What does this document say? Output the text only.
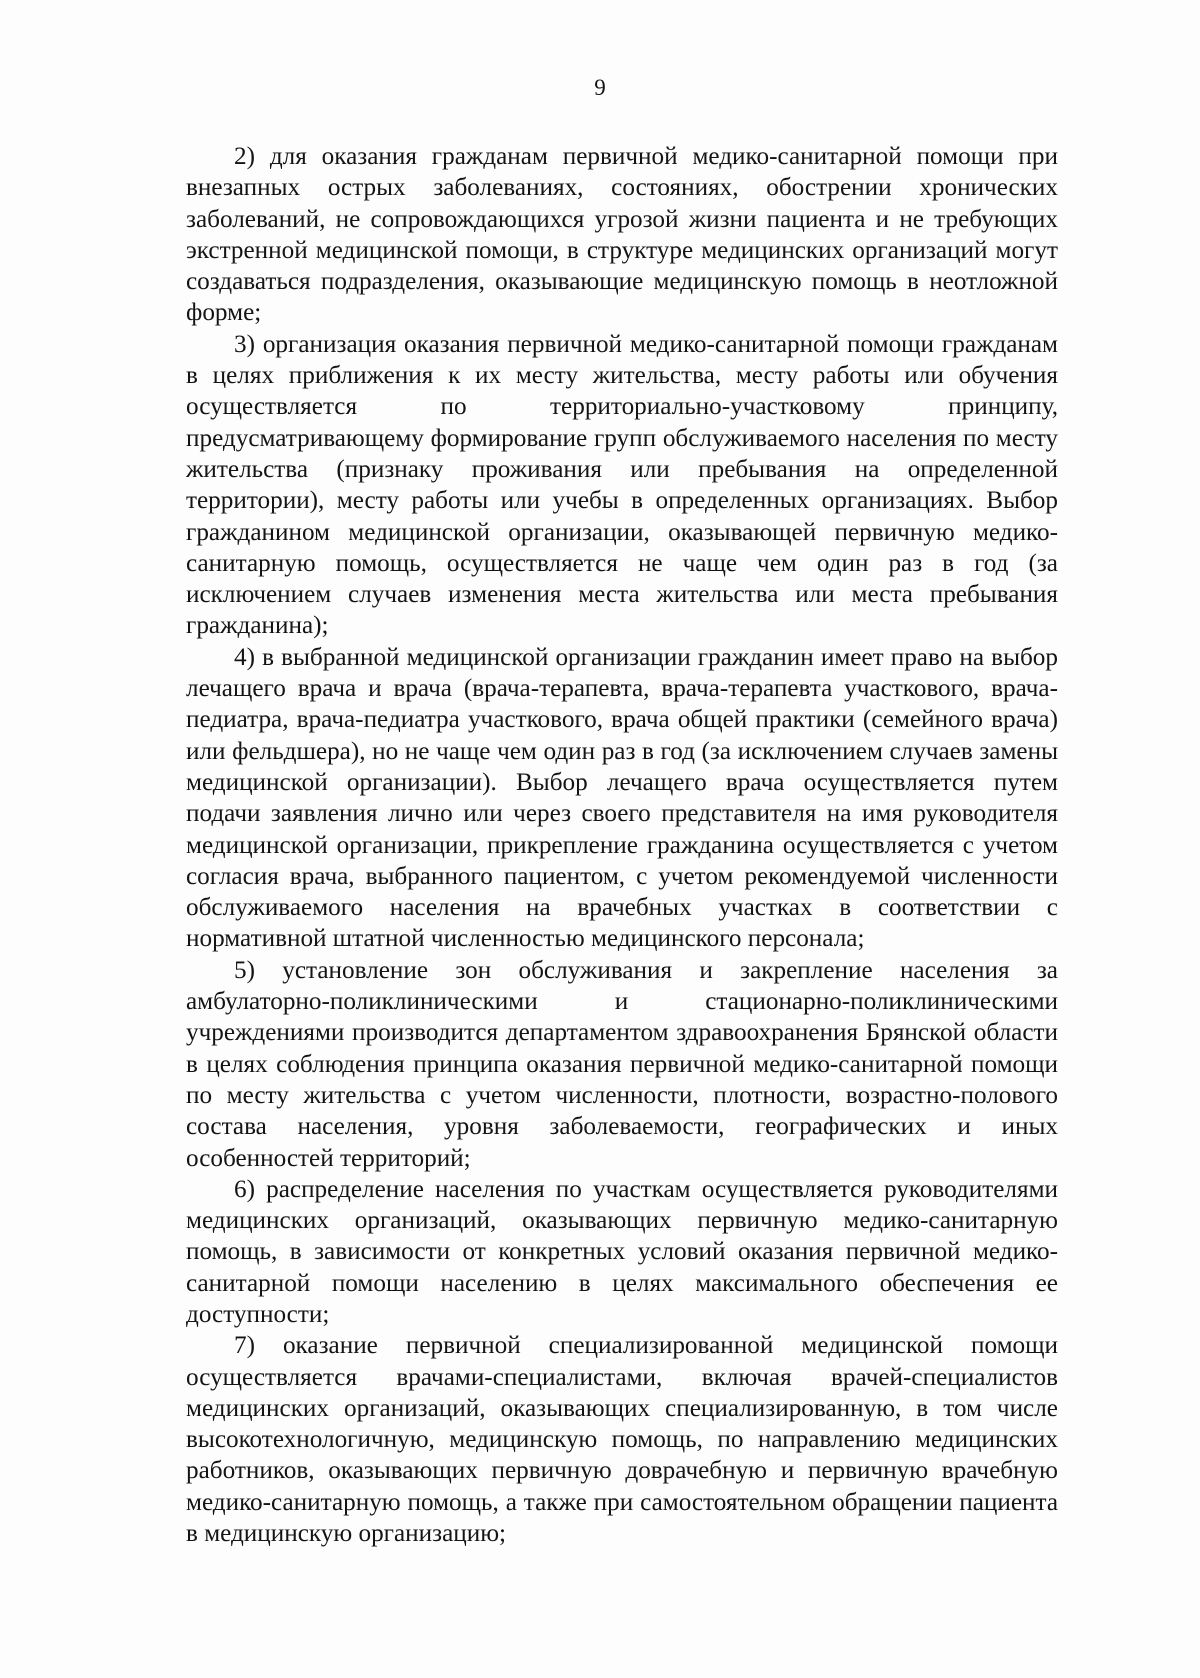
9

2) для оказания гражданам первичной медико-санитарной помощи при внезапных острых заболеваниях, состояниях, обострении хронических заболеваний, не сопровождающихся угрозой жизни пациента и не требующих экстренной медицинской помощи, в структуре медицинских организаций могут создаваться подразделения, оказывающие медицинскую помощь в неотложной форме;

3) организация оказания первичной медико-санитарной помощи гражданам в целях приближения к их месту жительства, месту работы или обучения осуществляется по территориально-участковому принципу, предусматривающему формирование групп обслуживаемого населения по месту жительства (признаку проживания или пребывания на определенной территории), месту работы или учебы в определенных организациях. Выбор гражданином медицинской организации, оказывающей первичную медико-санитарную помощь, осуществляется не чаще чем один раз в год (за исключением случаев изменения места жительства или места пребывания гражданина);

4) в выбранной медицинской организации гражданин имеет право на выбор лечащего врача и врача (врача-терапевта, врача-терапевта участкового, врача-педиатра, врача-педиатра участкового, врача общей практики (семейного врача) или фельдшера), но не чаще чем один раз в год (за исключением случаев замены медицинской организации). Выбор лечащего врача осуществляется путем подачи заявления лично или через своего представителя на имя руководителя медицинской организации, прикрепление гражданина осуществляется с учетом согласия врача, выбранного пациентом, с учетом рекомендуемой численности обслуживаемого населения на врачебных участках в соответствии с нормативной штатной численностью медицинского персонала;

5) установление зон обслуживания и закрепление населения за амбулаторно-поликлиническими и стационарно-поликлиническими учреждениями производится департаментом здравоохранения Брянской области в целях соблюдения принципа оказания первичной медико-санитарной помощи по месту жительства с учетом численности, плотности, возрастно-полового состава населения, уровня заболеваемости, географических и иных особенностей территорий;

6) распределение населения по участкам осуществляется руководителями медицинских организаций, оказывающих первичную медико-санитарную помощь, в зависимости от конкретных условий оказания первичной медико-санитарной помощи населению в целях максимального обеспечения ее доступности;

7) оказание первичной специализированной медицинской помощи осуществляется врачами-специалистами, включая врачей-специалистов медицинских организаций, оказывающих специализированную, в том числе высокотехнологичную, медицинскую помощь, по направлению медицинских работников, оказывающих первичную доврачебную и первичную врачебную медико-санитарную помощь, а также при самостоятельном обращении пациента в медицинскую организацию;
